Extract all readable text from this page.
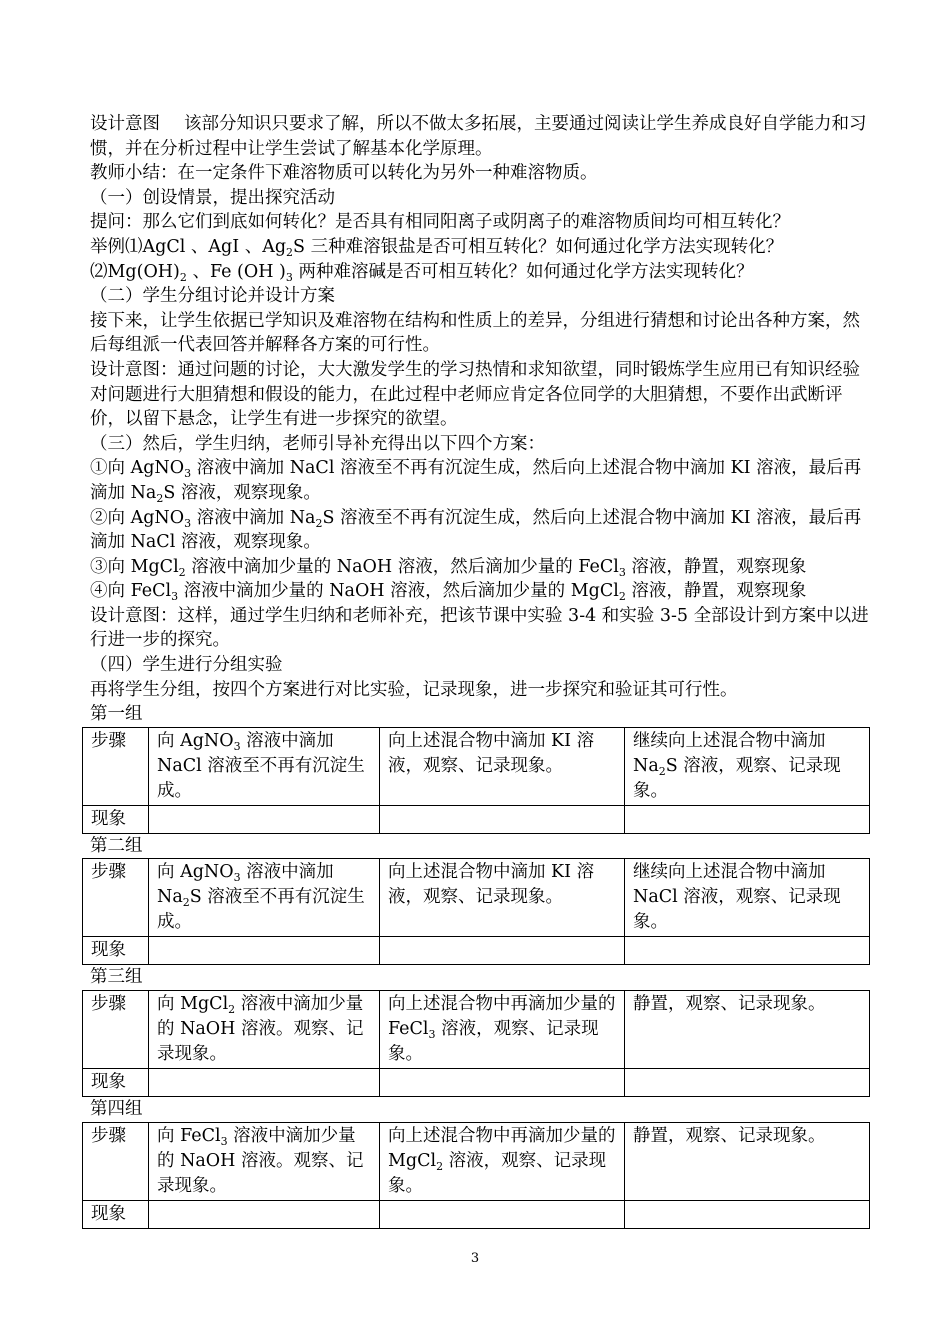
设计意图 该部分知识只要求了解，所以不做太多拓展，主要通过阅读让学生养成良好自学能力和习惯，并在分析过程中让学生尝试了解基本化学原理。

教师小结：在一定条件下难溶物质可以转化为另外一种难溶物质。

（一）创设情景，提出探究活动

提问：那么它们到底如何转化？是否具有相同阳离子或阴离子的难溶物质间均可相互转化？

举例⑴AgCl 、AgI 、$Ag_2S$ 三种难溶银盐是否可相互转化？如何通过化学方法实现转化？

$⑵Mg(OH)_2$ 、Fe (OH )$_3$ 两种难溶碱是否可相互转化？如何通过化学方法实现转化？

（二）学生分组讨论并设计方案

接下来，让学生依据已学知识及难溶物在结构和性质上的差异，分组进行猜想和讨论出各种方案，然后每组派一代表回答并解释各方案的可行性。

设计意图：通过问题的讨论，大大激发学生的学习热情和求知欲望，同时锻炼学生应用已有知识经验对问题进行大胆猜想和假设的能力，在此过程中老师应肯定各位同学的大胆猜想，不要作出武断评价，以留下悬念，让学生有进一步探究的欲望。

（三）然后，学生归纳，老师引导补充得出以下四个方案：

①向 AgNO$_3$ 溶液中滴加 NaCl 溶液至不再有沉淀生成，然后向上述混合物中滴加 KI 溶液，最后再滴加 $Na_2S$ 溶液，观察现象。

②向 AgNO$_3$ 溶液中滴加 $Na_2S$ 溶液至不再有沉淀生成，然后向上述混合物中滴加 KI 溶液，最后再滴加 NaCl 溶液，观察现象。

③向 MgCl$_2$ 溶液中滴加少量的 NaOH 溶液，然后滴加少量的 FeCl$_3$ 溶液，静置，观察现象

④向 FeCl$_3$ 溶液中滴加少量的 NaOH 溶液，然后滴加少量的 MgCl$_2$ 溶液，静置，观察现象

设计意图：这样，通过学生归纳和老师补充，把该节课中实验 3-4 和实验 3-5 全部设计到方案中以进行进一步的探究。

（四）学生进行分组实验

再将学生分组，按四个方案进行对比实验，记录现象，进一步探究和验证其可行性。

第一组

步骤	向 AgNO$_3$ 溶液中滴加 NaCl 溶液至不再有沉淀生成。	向上述混合物中滴加 KI 溶液，观察、记录现象。	继续向上述混合物中滴加 $Na_2S$ 溶液，观察、记录现象。
现象			

第二组

步骤	向 AgNO$_3$ 溶液中滴加 $Na_2S$ 溶液至不再有沉淀生成。	向上述混合物中滴加 KI 溶液，观察、记录现象。	继续向上述混合物中滴加 NaCl 溶液，观察、记录现象。
现象			

第三组

步骤	向 MgCl$_2$ 溶液中滴加少量的 NaOH 溶液。观察、记录现象。	向上述混合物中再滴加少量的 FeCl$_3$ 溶液，观察、记录现象。	静置，观察、记录现象。
现象			

第四组

步骤	向 FeCl$_3$ 溶液中滴加少量的 NaOH 溶液。观察、记录现象。	向上述混合物中再滴加少量的 MgCl$_2$ 溶液，观察、记录现象。	静置，观察、记录现象。
现象			
3
